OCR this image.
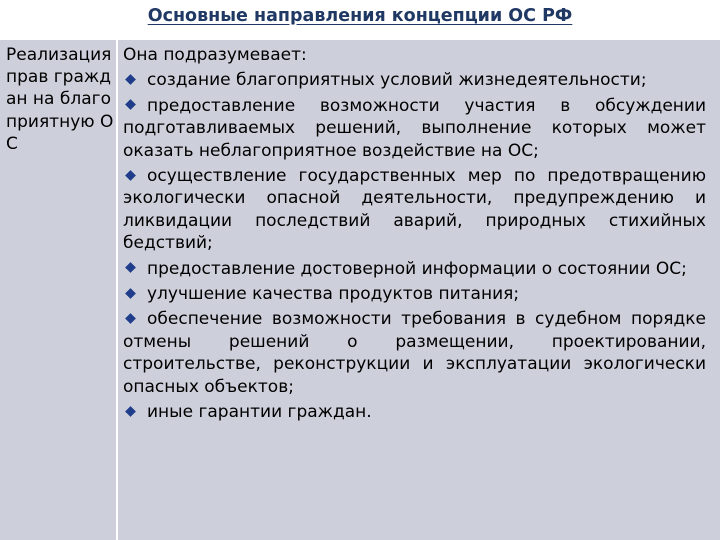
Основные направления концепции ОС РФ
Реализация прав граждан на благоприятную ОС

Она подразумевает:

создание благоприятных условий жизнедеятельности;

предоставление возможности участия в обсуждении подготавливаемых решений, выполнение которых может оказать неблагоприятное воздействие на ОС;

осуществление государственных мер по предотвращению экологически опасной деятельности, предупреждению и ликвидации последствий аварий, природных стихийных бедствий;

предоставление достоверной информации о состоянии ОС;

улучшение качества продуктов питания;

обеспечение возможности требования в судебном порядке отмены решений о размещении, проектировании, строительстве, реконструкции и эксплуатации экологически опасных объектов;

иные гарантии граждан.
